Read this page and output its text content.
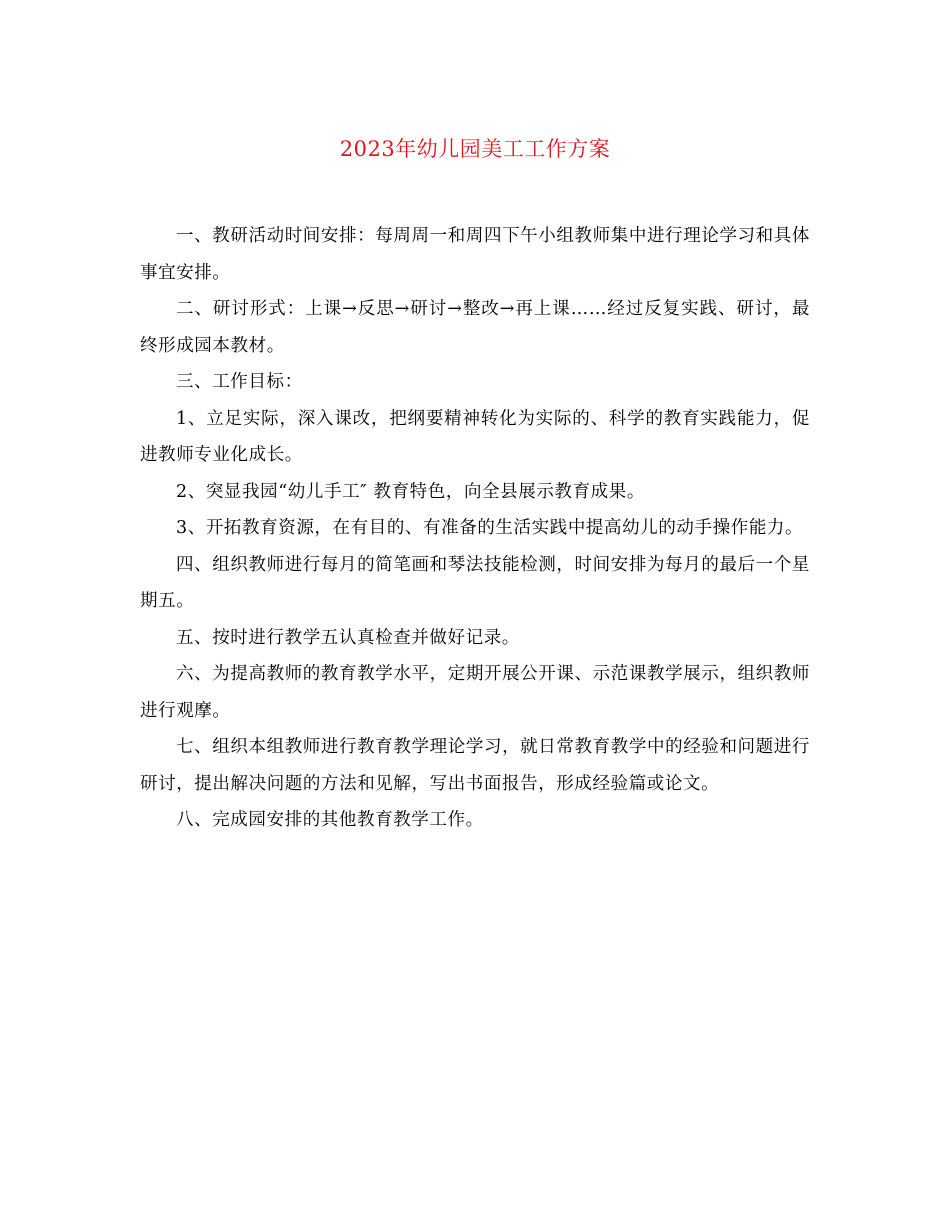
2023年幼儿园美工工作方案

一、教研活动时间安排：每周周一和周四下午小组教师集中进行理论学习和具体事宜安排。

二、研讨形式：上课→反思→研讨→整改→再上课……经过反复实践、研讨，最终形成园本教材。

三、工作目标：

1、立足实际，深入课改，把纲要精神转化为实际的、科学的教育实践能力，促进教师专业化成长。

2、突显我园“幼儿手工″ 教育特色，向全县展示教育成果。

3、开拓教育资源，在有目的、有准备的生活实践中提高幼儿的动手操作能力。

四、组织教师进行每月的简笔画和琴法技能检测，时间安排为每月的最后一个星期五。

五、按时进行教学五认真检查并做好记录。

六、为提高教师的教育教学水平，定期开展公开课、示范课教学展示，组织教师进行观摩。

七、组织本组教师进行教育教学理论学习，就日常教育教学中的经验和问题进行研讨，提出解决问题的方法和见解，写出书面报告，形成经验篇或论文。

八、完成园安排的其他教育教学工作。
